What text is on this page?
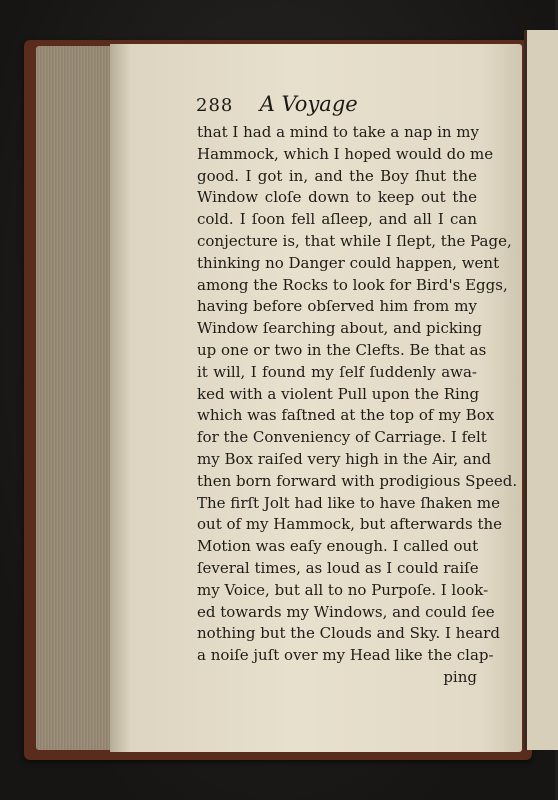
288 A Voyage
that I had a mind to take a nap in my
Hammock, which I hoped would do me
good. I got in, and the Boy ſhut the
Window cloſe down to keep out the
cold. I ſoon fell aſleep, and all I can
conjecture is, that while I ſlept, the Page,
thinking no Danger could happen, went
among the Rocks to look for Bird's Eggs,
having before obſerved him from my
Window ſearching about, and picking
up one or two in the Clefts. Be that as
it will, I found my ſelf ſuddenly awa-
ked with a violent Pull upon the Ring
which was faſtned at the top of my Box
for the Conveniency of Carriage. I felt
my Box raiſed very high in the Air, and
then born forward with prodigious Speed.
The firſt Jolt had like to have ſhaken me
out of my Hammock, but afterwards the
Motion was eaſy enough. I called out
ſeveral times, as loud as I could raiſe
my Voice, but all to no Purpoſe. I look-
ed towards my Windows, and could ſee
nothing but the Clouds and Sky. I heard
a noiſe juſt over my Head like the clap-
ping
